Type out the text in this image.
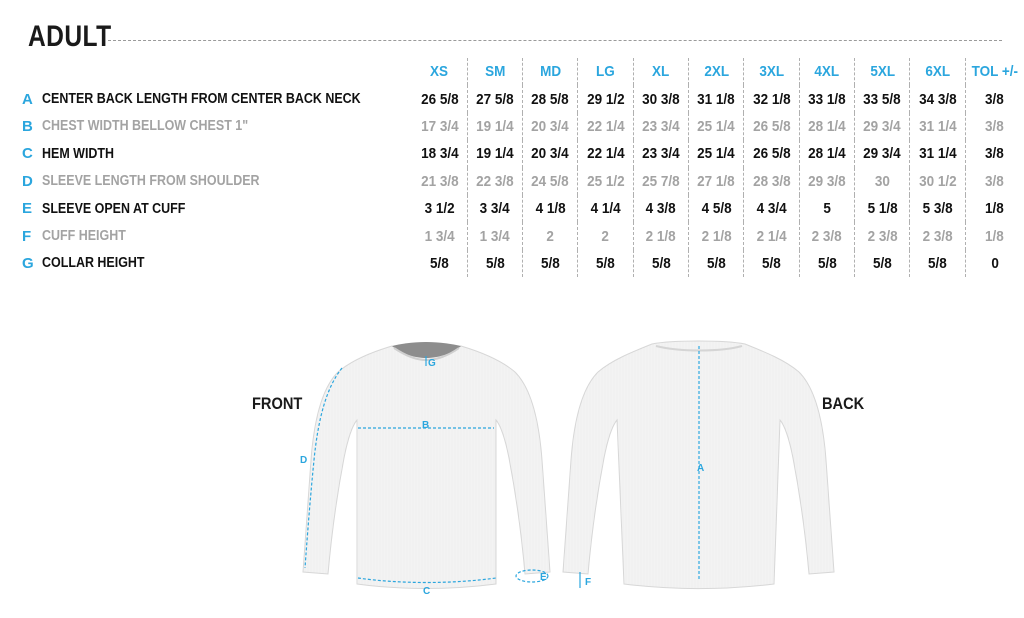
ADULT
		XS	SM	MD	LG	XL	2XL	3XL	4XL	5XL	6XL	TOL +/-
A	CENTER BACK LENGTH FROM CENTER BACK NECK	26 5/8	27 5/8	28 5/8	29 1/2	30 3/8	31 1/8	32 1/8	33 1/8	33 5/8	34 3/8	3/8
B	CHEST WIDTH BELLOW CHEST 1"	17 3/4	19 1/4	20 3/4	22 1/4	23 3/4	25 1/4	26 5/8	28 1/4	29 3/4	31 1/4	3/8
C	HEM WIDTH	18 3/4	19 1/4	20 3/4	22 1/4	23 3/4	25 1/4	26 5/8	28 1/4	29 3/4	31 1/4	3/8
D	SLEEVE LENGTH FROM SHOULDER	21 3/8	22 3/8	24 5/8	25 1/2	25 7/8	27 1/8	28 3/8	29 3/8	30	30 1/2	3/8
E	SLEEVE OPEN AT CUFF	3 1/2	3 3/4	4 1/8	4 1/4	4 3/8	4 5/8	4 3/4	5	5 1/8	5 3/8	1/8
F	CUFF HEIGHT	1 3/4	1 3/4	2	2	2 1/8	2 1/8	2 1/4	2 3/8	2 3/8	2 3/8	1/8
G	COLLAR HEIGHT	5/8	5/8	5/8	5/8	5/8	5/8	5/8	5/8	5/8	5/8	0
FRONT	BACK
B
G
D
C
E	F
A
